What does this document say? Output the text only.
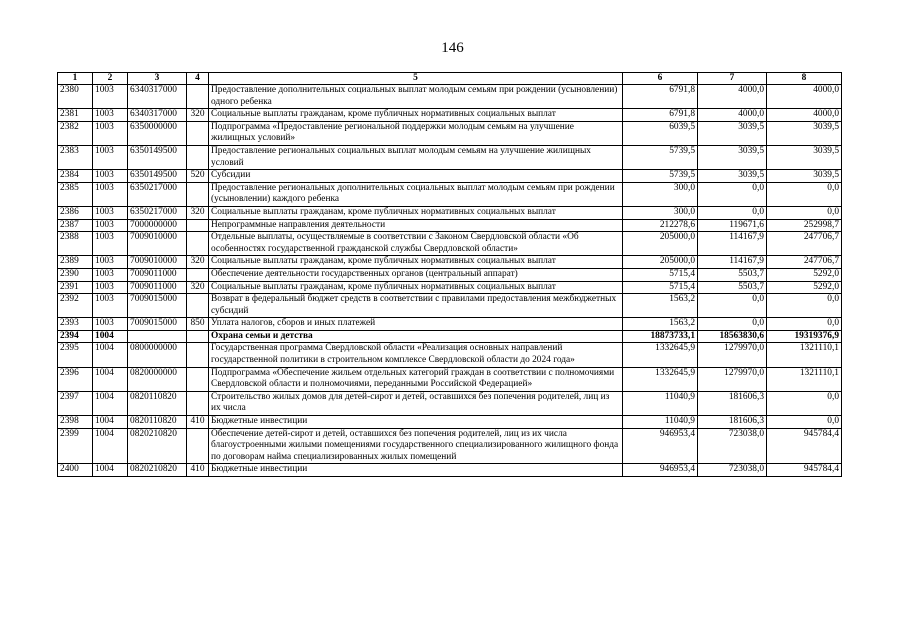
146
1	2	3	4	5	6	7	8
2380	1003	6340317000		Предоставление дополнительных социальных выплат молодым семьям при рождении (усыновлении) одного ребенка	6791,8	4000,0	4000,0
2381	1003	6340317000	320	Социальные выплаты гражданам, кроме публичных нормативных социальных выплат	6791,8	4000,0	4000,0
2382	1003	6350000000		Подпрограмма «Предоставление региональной поддержки молодым семьям на улучшение жилищных условий»	6039,5	3039,5	3039,5
2383	1003	6350149500		Предоставление региональных социальных выплат молодым семьям на улучшение жилищных условий	5739,5	3039,5	3039,5
2384	1003	6350149500	520	Субсидии	5739,5	3039,5	3039,5
2385	1003	6350217000		Предоставление региональных дополнительных социальных выплат молодым семьям при рождении (усыновлении) каждого ребенка	300,0	0,0	0,0
2386	1003	6350217000	320	Социальные выплаты гражданам, кроме публичных нормативных социальных выплат	300,0	0,0	0,0
2387	1003	7000000000		Непрограммные направления деятельности	212278,6	119671,6	252998,7
2388	1003	7009010000		Отдельные выплаты, осуществляемые в соответствии с Законом Свердловской области «Об особенностях государственной гражданской службы Свердловской области»	205000,0	114167,9	247706,7
2389	1003	7009010000	320	Социальные выплаты гражданам, кроме публичных нормативных социальных выплат	205000,0	114167,9	247706,7
2390	1003	7009011000		Обеспечение деятельности государственных органов (центральный аппарат)	5715,4	5503,7	5292,0
2391	1003	7009011000	320	Социальные выплаты гражданам, кроме публичных нормативных социальных выплат	5715,4	5503,7	5292,0
2392	1003	7009015000		Возврат в федеральный бюджет средств в соответствии с правилами предоставления межбюджетных субсидий	1563,2	0,0	0,0
2393	1003	7009015000	850	Уплата налогов, сборов и иных платежей	1563,2	0,0	0,0
2394	1004			Охрана семьи и детства	18873733,1	18563830,6	19319376,9
2395	1004	0800000000		Государственная программа Свердловской области «Реализация основных направлений государственной политики в строительном комплексе Свердловской области до 2024 года»	1332645,9	1279970,0	1321110,1
2396	1004	0820000000		Подпрограмма «Обеспечение жильем отдельных категорий граждан в соответствии с полномочиями Свердловской области и полномочиями, переданными Российской Федерацией»	1332645,9	1279970,0	1321110,1
2397	1004	0820110820		Строительство жилых домов для детей-сирот и детей, оставшихся без попечения родителей, лиц из их числа	11040,9	181606,3	0,0
2398	1004	0820110820	410	Бюджетные инвестиции	11040,9	181606,3	0,0
2399	1004	0820210820		Обеспечение детей-сирот и детей, оставшихся без попечения родителей, лиц из их числа благоустроенными жилыми помещениями государственного специализированного жилищного фонда по договорам найма специализированных жилых помещений	946953,4	723038,0	945784,4
2400	1004	0820210820	410	Бюджетные инвестиции	946953,4	723038,0	945784,4
